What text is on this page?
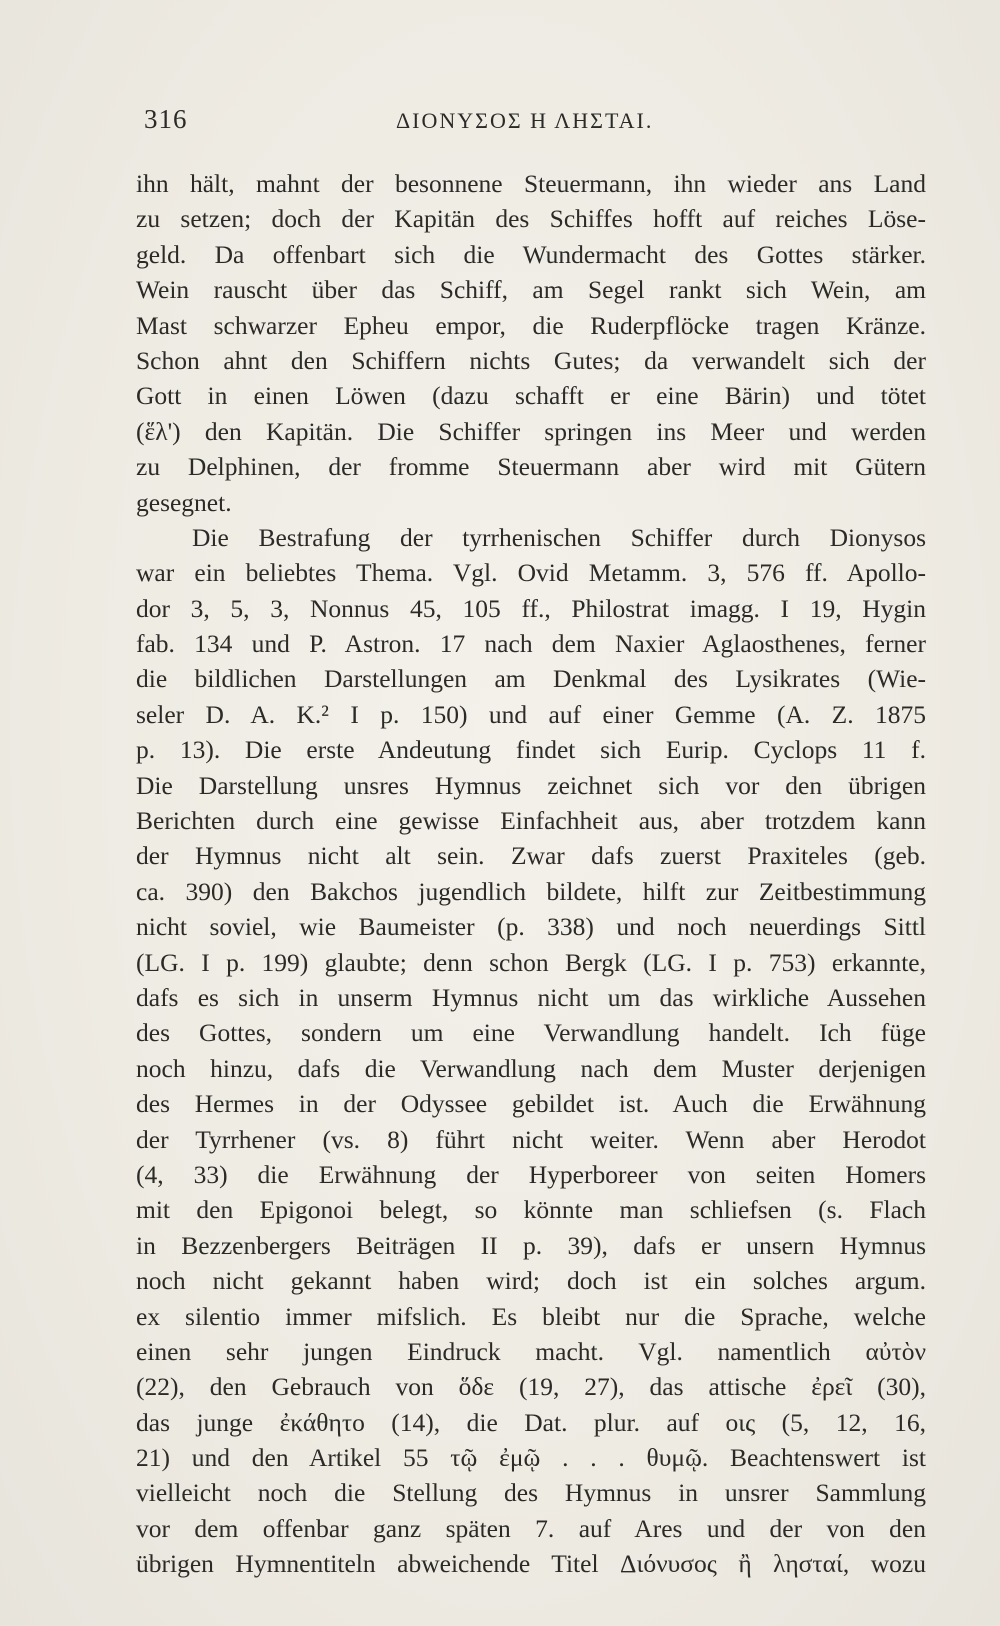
316	ΔΙΟΝΥΣΟΣ Η ΛΗΣΤΑΙ.
ihn hält, mahnt der besonnene Steuermann, ihn wieder ans Land
zu setzen; doch der Kapitän des Schiffes hofft auf reiches Löse-
geld. Da offenbart sich die Wundermacht des Gottes stärker.
Wein rauscht über das Schiff, am Segel rankt sich Wein, am
Mast schwarzer Epheu empor, die Ruderpflöcke tragen Kränze.
Schon ahnt den Schiffern nichts Gutes; da verwandelt sich der
Gott in einen Löwen (dazu schafft er eine Bärin) und tötet
(ἕλ') den Kapitän. Die Schiffer springen ins Meer und werden
zu Delphinen, der fromme Steuermann aber wird mit Gütern
gesegnet.
Die Bestrafung der tyrrhenischen Schiffer durch Dionysos
war ein beliebtes Thema. Vgl. Ovid Metamm. 3, 576 ff. Apollo-
dor 3, 5, 3, Nonnus 45, 105 ff., Philostrat imagg. I 19, Hygin
fab. 134 und P. Astron. 17 nach dem Naxier Aglaosthenes, ferner
die bildlichen Darstellungen am Denkmal des Lysikrates (Wie-
seler D. A. K.² I p. 150) und auf einer Gemme (A. Z. 1875
p. 13). Die erste Andeutung findet sich Eurip. Cyclops 11 f.
Die Darstellung unsres Hymnus zeichnet sich vor den übrigen
Berichten durch eine gewisse Einfachheit aus, aber trotzdem kann
der Hymnus nicht alt sein. Zwar dafs zuerst Praxiteles (geb.
ca. 390) den Bakchos jugendlich bildete, hilft zur Zeitbestimmung
nicht soviel, wie Baumeister (p. 338) und noch neuerdings Sittl
(LG. I p. 199) glaubte; denn schon Bergk (LG. I p. 753) erkannte,
dafs es sich in unserm Hymnus nicht um das wirkliche Aussehen
des Gottes, sondern um eine Verwandlung handelt. Ich füge
noch hinzu, dafs die Verwandlung nach dem Muster derjenigen
des Hermes in der Odyssee gebildet ist. Auch die Erwähnung
der Tyrrhener (vs. 8) führt nicht weiter. Wenn aber Herodot
(4, 33) die Erwähnung der Hyperboreer von seiten Homers
mit den Epigonoi belegt, so könnte man schliefsen (s. Flach
in Bezzenbergers Beiträgen II p. 39), dafs er unsern Hymnus
noch nicht gekannt haben wird; doch ist ein solches argum.
ex silentio immer mifslich. Es bleibt nur die Sprache, welche
einen sehr jungen Eindruck macht. Vgl. namentlich αὐτὸν
(22), den Gebrauch von ὅδε (19, 27), das attische ἐρεῖ (30),
das junge ἐκάθητο (14), die Dat. plur. auf οις (5, 12, 16,
21) und den Artikel 55 τῷ ἐμῷ . . . θυμῷ. Beachtenswert ist
vielleicht noch die Stellung des Hymnus in unsrer Sammlung
vor dem offenbar ganz späten 7. auf Ares und der von den
übrigen Hymnentiteln abweichende Titel Διόνυσος ἢ λησταί, wozu
